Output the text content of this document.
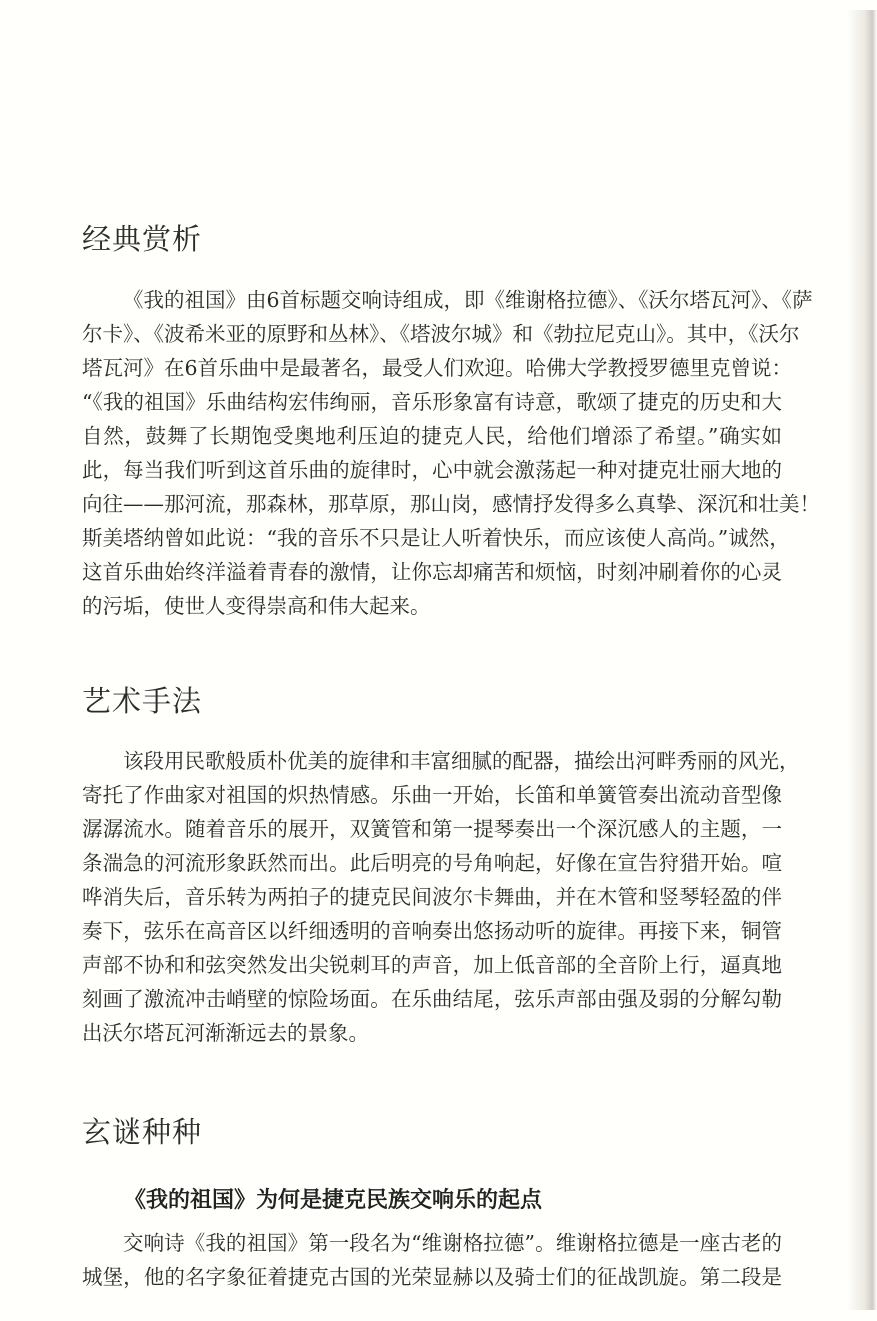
经典赏析
《我的祖国》由6首标题交响诗组成，即《维谢格拉德》、《沃尔塔瓦河》、《萨
尔卡》、《波希米亚的原野和丛林》、《塔波尔城》和《勃拉尼克山》。其中，《沃尔
塔瓦河》在6首乐曲中是最著名，最受人们欢迎。哈佛大学教授罗德里克曾说：
“《我的祖国》乐曲结构宏伟绚丽，音乐形象富有诗意，歌颂了捷克的历史和大
自然，鼓舞了长期饱受奥地利压迫的捷克人民，给他们增添了希望。”确实如
此，每当我们听到这首乐曲的旋律时，心中就会激荡起一种对捷克壮丽大地的
向往——那河流，那森林，那草原，那山岗，感情抒发得多么真挚、深沉和壮美！
斯美塔纳曾如此说：“我的音乐不只是让人听着快乐，而应该使人高尚。”诚然，
这首乐曲始终洋溢着青春的激情，让你忘却痛苦和烦恼，时刻冲刷着你的心灵
的污垢，使世人变得崇高和伟大起来。
艺术手法
该段用民歌般质朴优美的旋律和丰富细腻的配器，描绘出河畔秀丽的风光，
寄托了作曲家对祖国的炽热情感。乐曲一开始，长笛和单簧管奏出流动音型像
潺潺流水。随着音乐的展开，双簧管和第一提琴奏出一个深沉感人的主题，一
条湍急的河流形象跃然而出。此后明亮的号角响起，好像在宣告狩猎开始。喧
哗消失后，音乐转为两拍子的捷克民间波尔卡舞曲，并在木管和竖琴轻盈的伴
奏下，弦乐在高音区以纤细透明的音响奏出悠扬动听的旋律。再接下来，铜管
声部不协和和弦突然发出尖锐刺耳的声音，加上低音部的全音阶上行，逼真地
刻画了激流冲击峭壁的惊险场面。在乐曲结尾，弦乐声部由强及弱的分解勾勒
出沃尔塔瓦河渐渐远去的景象。
玄谜种种
《我的祖国》为何是捷克民族交响乐的起点
交响诗《我的祖国》第一段名为“维谢格拉德”。维谢格拉德是一座古老的
城堡，他的名字象征着捷克古国的光荣显赫以及骑士们的征战凯旋。第二段是
